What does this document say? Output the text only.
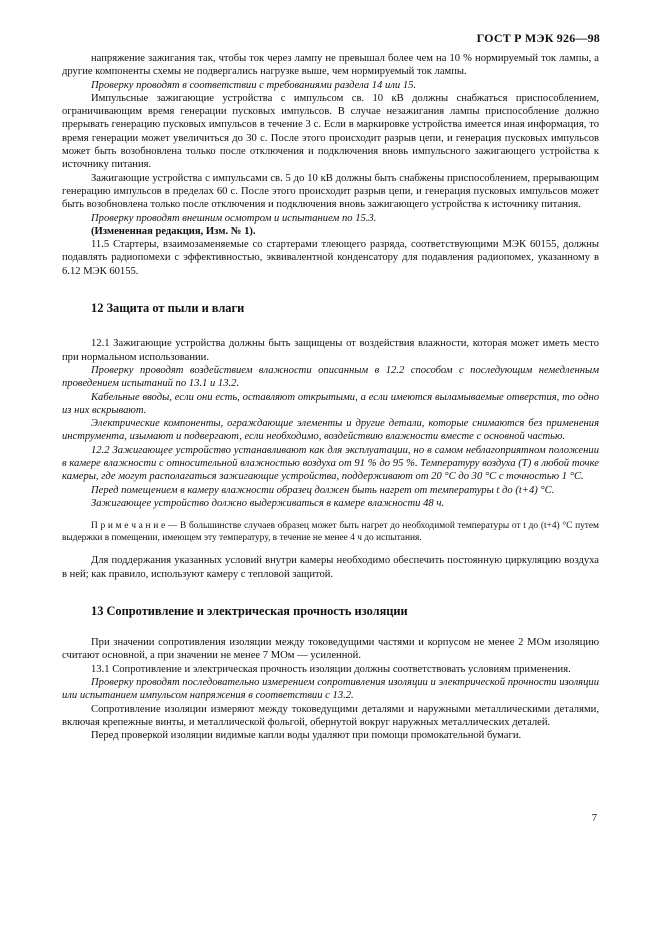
ГОСТ Р МЭК 926—98

напряжение зажигания так, чтобы ток через лампу не превышал более чем на 10 % нормируемый ток лампы, а другие компоненты схемы не подвергались нагрузке выше, чем нормируемый ток лампы.

Проверку проводят в соответствии с требованиями раздела 14 или 15.

Импульсные зажигающие устройства с импульсом св. 10 кВ должны снабжаться приспособлением, ограничивающим время генерации пусковых импульсов. В случае незажигания лампы приспособление должно прерывать генерацию пусковых импульсов в течение 3 с. Если в маркировке устройства имеется иная информация, то время генерации может увеличиться до 30 с. После этого происходит разрыв цепи, и генерация пусковых импульсов может быть возобновлена только после отключения и подключения вновь импульсного зажигающего устройства к источнику питания.

Зажигающие устройства с импульсами св. 5 до 10 кВ должны быть снабжены приспособлением, прерывающим генерацию импульсов в пределах 60 с. После этого происходит разрыв цепи, и генерация пусковых импульсов может быть возобновлена только после отключения и подключения вновь зажигающего устройства к источнику питания.

Проверку проводят внешним осмотром и испытанием по 15.3.

(Измененная редакция, Изм. № 1).

11.5 Стартеры, взаимозаменяемые со стартерами тлеющего разряда, соответствующими МЭК 60155, должны подавлять радиопомехи с эффективностью, эквивалентной конденсатору для подавления радиопомех, указанному в 6.12 МЭК 60155.

12 Защита от пыли и влаги

12.1 Зажигающие устройства должны быть защищены от воздействия влажности, которая может иметь место при нормальном использовании.

Проверку проводят воздействием влажности описанным в 12.2 способом с последующим немедленным проведением испытаний по 13.1 и 13.2.

Кабельные вводы, если они есть, оставляют открытыми, а если имеются выламываемые отверстия, то одно из них вскрывают.

Электрические компоненты, ограждающие элементы и другие детали, которые снимаются без применения инструмента, изымают и подвергают, если необходимо, воздействию влажности вместе с основной частью.

12.2 Зажигающее устройство устанавливают как для эксплуатации, но в самом неблагоприятном положении в камере влажности с относительной влажностью воздуха от 91 % до 95 %. Температуру воздуха (Т) в любой точке камеры, где могут располагаться зажигающие устройства, поддерживают от 20 °С до 30 °С с точностью 1 °С.

Перед помещением в камеру влажности образец должен быть нагрет от температуры t до (t+4) °С.

Зажигающее устройство должно выдерживаться в камере влажности 48 ч.

П р и м е ч а н и е — В большинстве случаев образец может быть нагрет до необходимой температуры от t до (t+4) °С путем выдержки в помещении, имеющем эту температуру, в течение не менее 4 ч до испытания.

Для поддержания указанных условий внутри камеры необходимо обеспечить постоянную циркуляцию воздуха в ней; как правило, используют камеру с тепловой защитой.

13 Сопротивление и электрическая прочность изоляции

При значении сопротивления изоляции между токоведущими частями и корпусом не менее 2 МОм изоляцию считают основной, а при значении не менее 7 МОм — усиленной.

13.1 Сопротивление и электрическая прочность изоляции должны соответствовать условиям применения.

Проверку проводят последовательно измерением сопротивления изоляции и электрической прочности изоляции или испытанием импульсом напряжения в соответствии с 13.2.

Сопротивление изоляции измеряют между токоведущими деталями и наружными металлическими деталями, включая крепежные винты, и металлической фольгой, обернутой вокруг наружных металлических деталей.

Перед проверкой изоляции видимые капли воды удаляют при помощи промокательной бумаги.

7
